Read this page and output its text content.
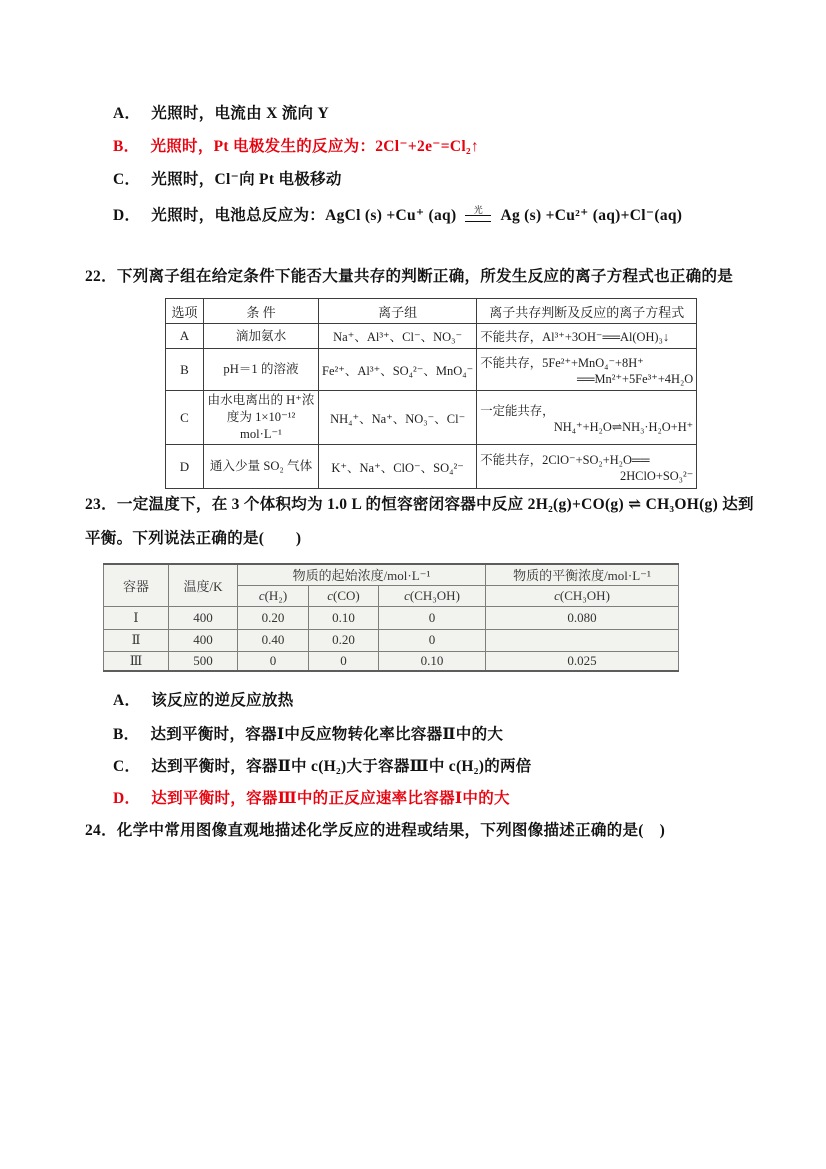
A． 光照时，电流由 X 流向 Y
B． 光照时，Pt 电极发生的反应为：2Cl⁻+2e⁻=Cl₂↑
C． 光照时，Cl⁻向 Pt 电极移动
D． 光照时，电池总反应为：AgCl (s) +Cu⁺ (aq) 光 Ag (s) +Cu²⁺ (aq)+Cl⁻(aq)
22．下列离子组在给定条件下能否大量共存的判断正确，所发生反应的离子方程式也正确的是
选项	条 件	离子组	离子共存判断及反应的离子方程式
A	滴加氨水	Na⁺、Al³⁺、Cl⁻、NO₃⁻	不能共存，Al³⁺+3OH⁻══Al(OH)₃↓

B	pH＝1 的溶液	Fe²⁺、Al³⁺、SO₄²⁻、MnO₄⁻	不能共存，5Fe²⁺+MnO₄⁻+8H⁺
══Mn²⁺+5Fe³⁺+4H₂O

C	由水电离出的 H⁺浓度为 1×10⁻¹² mol·L⁻¹	NH₄⁺、Na⁺、NO₃⁻、Cl⁻	一定能共存，
NH₄⁺+H₂O⇌NH₃·H₂O+H⁺

D	通入少量 SO₂ 气体	K⁺、Na⁺、ClO⁻、SO₄²⁻	不能共存，2ClO⁻+SO₂+H₂O══
2HClO+SO₃²⁻
23．一定温度下，在 3 个体积均为 1.0 L 的恒容密闭容器中反应 2H₂(g)+CO(g) ⇌ CH₃OH(g) 达到
平衡。下列说法正确的是(　　)
容器	温度/K	物质的起始浓度/mol·L⁻¹			物质的平衡浓度/mol·L⁻¹
		c(H₂)	c(CO)	c(CH₃OH)	c(CH₃OH)
Ⅰ	400	0.20	0.10	0	0.080
Ⅱ	400	0.40	0.20	0	
Ⅲ	500	0	0	0.10	0.025
A． 该反应的逆反应放热
B． 达到平衡时，容器Ⅰ中反应物转化率比容器Ⅱ中的大
C． 达到平衡时，容器Ⅱ中 c(H₂)大于容器Ⅲ中 c(H₂)的两倍
D． 达到平衡时，容器Ⅲ中的正反应速率比容器Ⅰ中的大
24．化学中常用图像直观地描述化学反应的进程或结果，下列图像描述正确的是(　)
